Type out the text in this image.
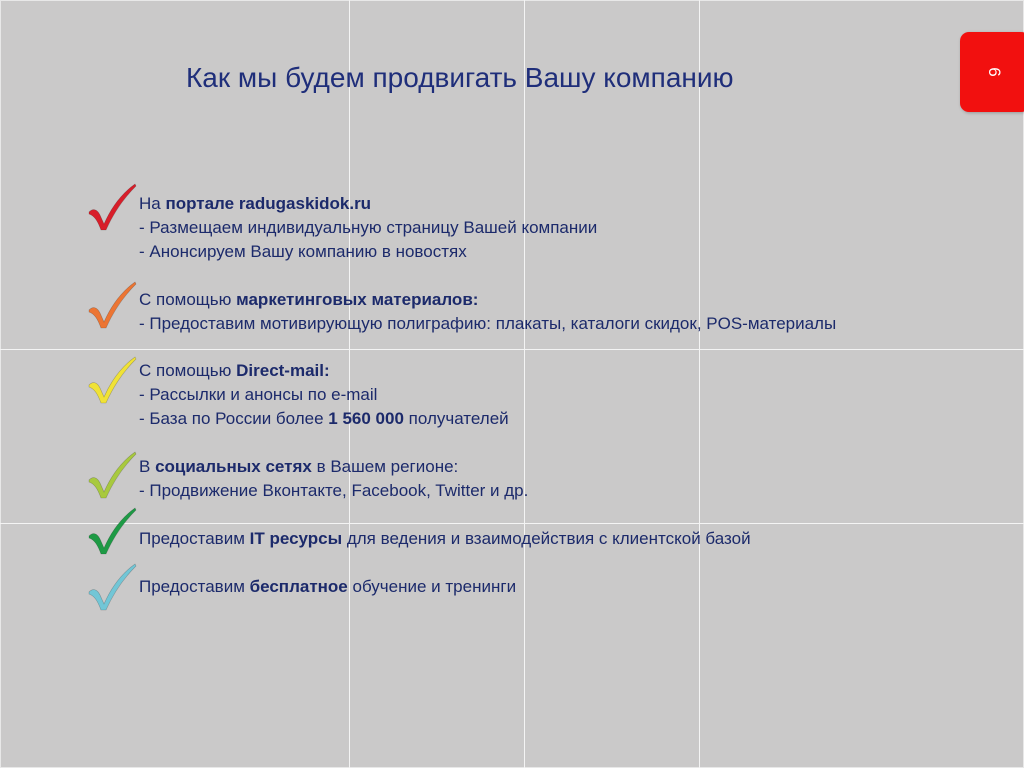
Как мы будем продвигать Вашу компанию	6
На портале radugaskidok.ru
- Размещаем индивидуальную страницу Вашей компании
- Анонсируем Вашу компанию в новостях
С помощью маркетинговых материалов:
- Предоставим мотивирующую полиграфию: плакаты, каталоги скидок, POS-материалы
С помощью Direct-mail:
- Рассылки и анонсы по e-mail
- База по России более 1 560 000 получателей
В социальных сетях в Вашем регионе:
- Продвижение Вконтакте, Facebook, Twitter и др.
Предоставим IT ресурсы для ведения и взаимодействия с клиентской базой
Предоставим бесплатное обучение и тренинги
